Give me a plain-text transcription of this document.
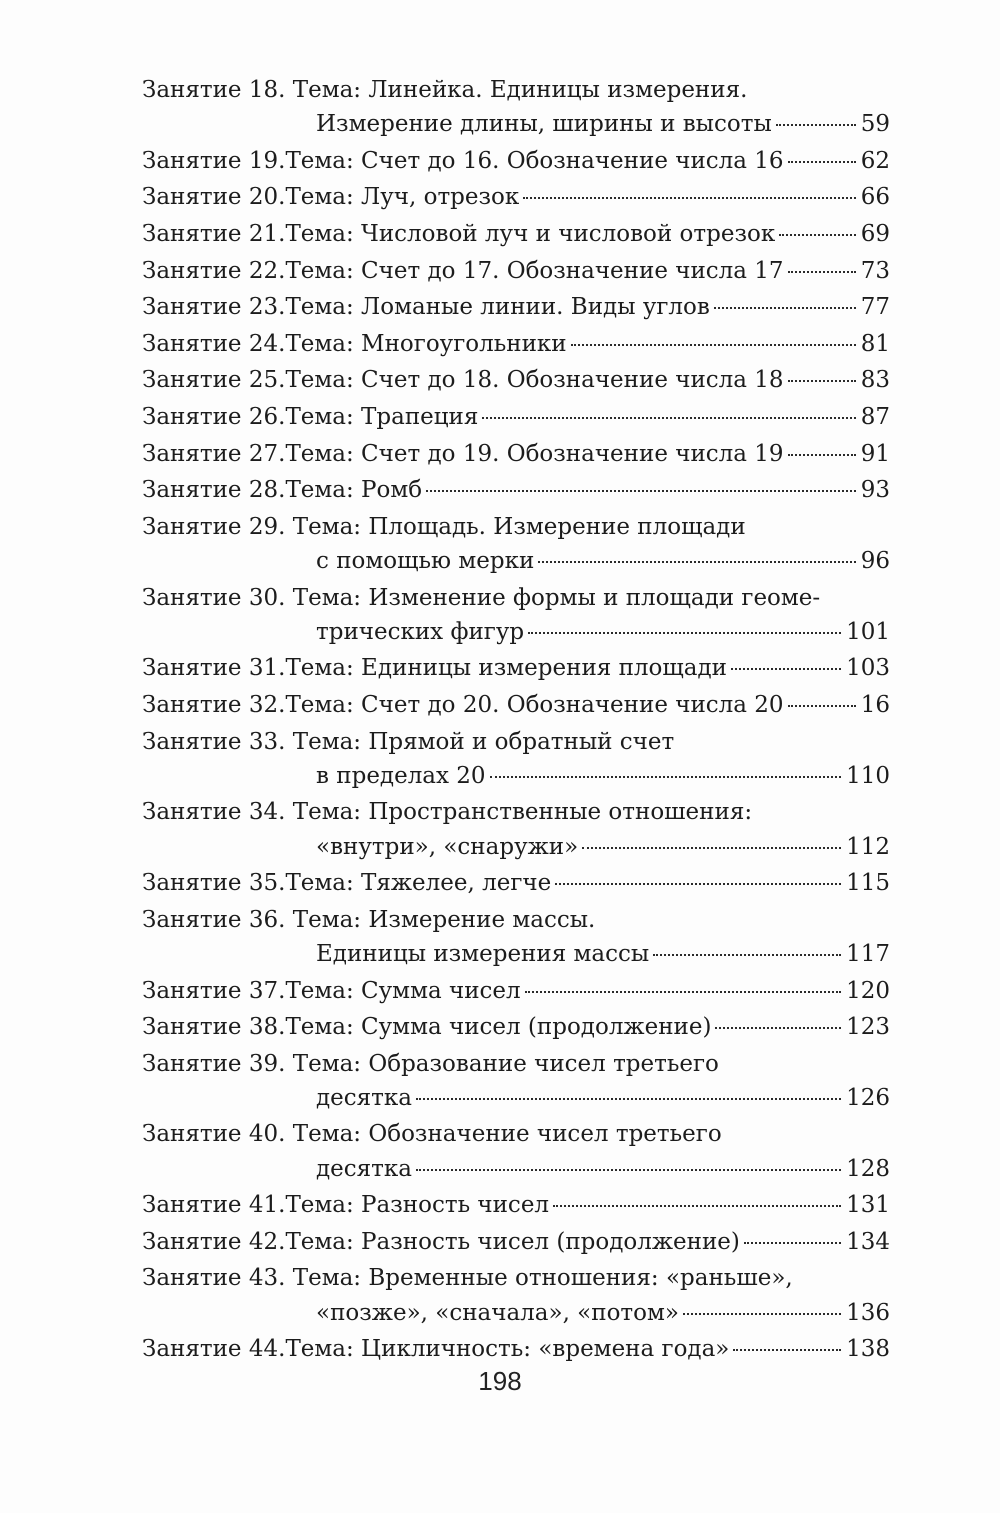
Занятие 18. Тема: Линейка. Единицы измерения.
Измерение длины, ширины и высоты	59
Занятие 19. Тема: Счет до 16. Обозначение числа 16	62
Занятие 20. Тема: Луч, отрезок	66
Занятие 21. Тема: Числовой луч и числовой отрезок	69
Занятие 22. Тема: Счет до 17. Обозначение числа 17	73
Занятие 23. Тема: Ломаные линии. Виды углов	77
Занятие 24. Тема: Многоугольники	81
Занятие 25. Тема: Счет до 18. Обозначение числа 18	83
Занятие 26. Тема: Трапеция	87
Занятие 27. Тема: Счет до 19. Обозначение числа 19	91
Занятие 28. Тема: Ромб	93
Занятие 29. Тема: Площадь. Измерение площади
с помощью мерки	96
Занятие 30. Тема: Изменение формы и площади геоме-
трических фигур	101
Занятие 31. Тема: Единицы измерения площади	103
Занятие 32. Тема: Счет до 20. Обозначение числа 20	16
Занятие 33. Тема: Прямой и обратный счет
в пределах 20	110
Занятие 34. Тема: Пространственные отношения:
«внутри», «снаружи»	112
Занятие 35. Тема: Тяжелее, легче	115
Занятие 36. Тема: Измерение массы.
Единицы измерения массы	117
Занятие 37. Тема: Сумма чисел	120
Занятие 38. Тема: Сумма чисел (продолжение)	123
Занятие 39. Тема: Образование чисел третьего
десятка	126
Занятие 40. Тема: Обозначение чисел третьего
десятка	128
Занятие 41. Тема: Разность чисел	131
Занятие 42. Тема: Разность чисел (продолжение)	134
Занятие 43. Тема: Временные отношения: «раньше»,
«позже», «сначала», «потом»	136
Занятие 44. Тема: Цикличность: «времена года»	138
198
